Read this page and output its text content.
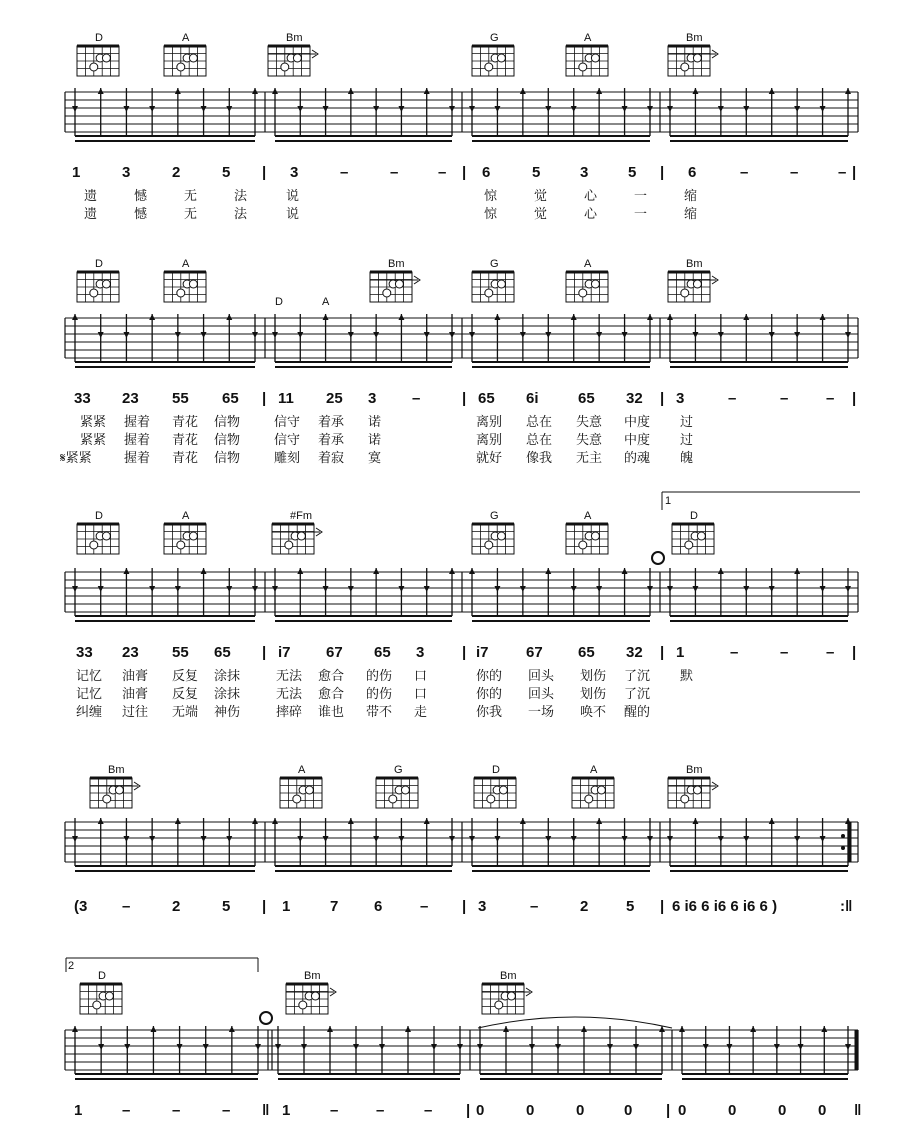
D	A	Bm	G	A	Bm
1	3	2	5 | 3	–	–	– | 6	5	3	5 | 6	–	–	– |
遗	憾	无	法	说	惊	觉	心	一	缩
遗	憾	无	法	说	惊	觉	心	一	缩
D	A	Bm	G	A	Bm
D	A
33 23 55 65 | 11 25 3 –	| 65 6i	65 32 | 3	–	–	– |
紧紧 握着 青花 信物	信守 着承 诺	离别 总在 失意 中度 过
紧紧 握着 青花 信物	信守 着承 诺	离别 总在 失意 中度 过
𝄋紧紧 握着 青花 信物	雕刻 着寂 寞	就好 像我 无主 的魂 魄
D	A	#Fm	G	A	D
1
33 23 55 65 | i7 67 65 3	| i7 67 65 32 | 1	–	–	– |
记忆 油膏 反复 涂抹	无法 愈合 的伤 口	你的 回头 划伤 了沉 默
记忆 油膏 反复 涂抹	无法 愈合 的伤 口	你的 回头 划伤 了沉
纠缠 过往 无端 神伤	摔碎 谁也 带不 走	你我 一场 唤不 醒的
Bm	A	G	D	A	Bm
(3 –	2	5 | 1	7 6	– | 3	–	2	5 | 6 i6 6 i6 6 i6 6 )	:‖
D	Bm	Bm
2
1	–	–	– ‖ 1	–	–	– | 0	0	0	0 | 0	0	0 0 ‖
